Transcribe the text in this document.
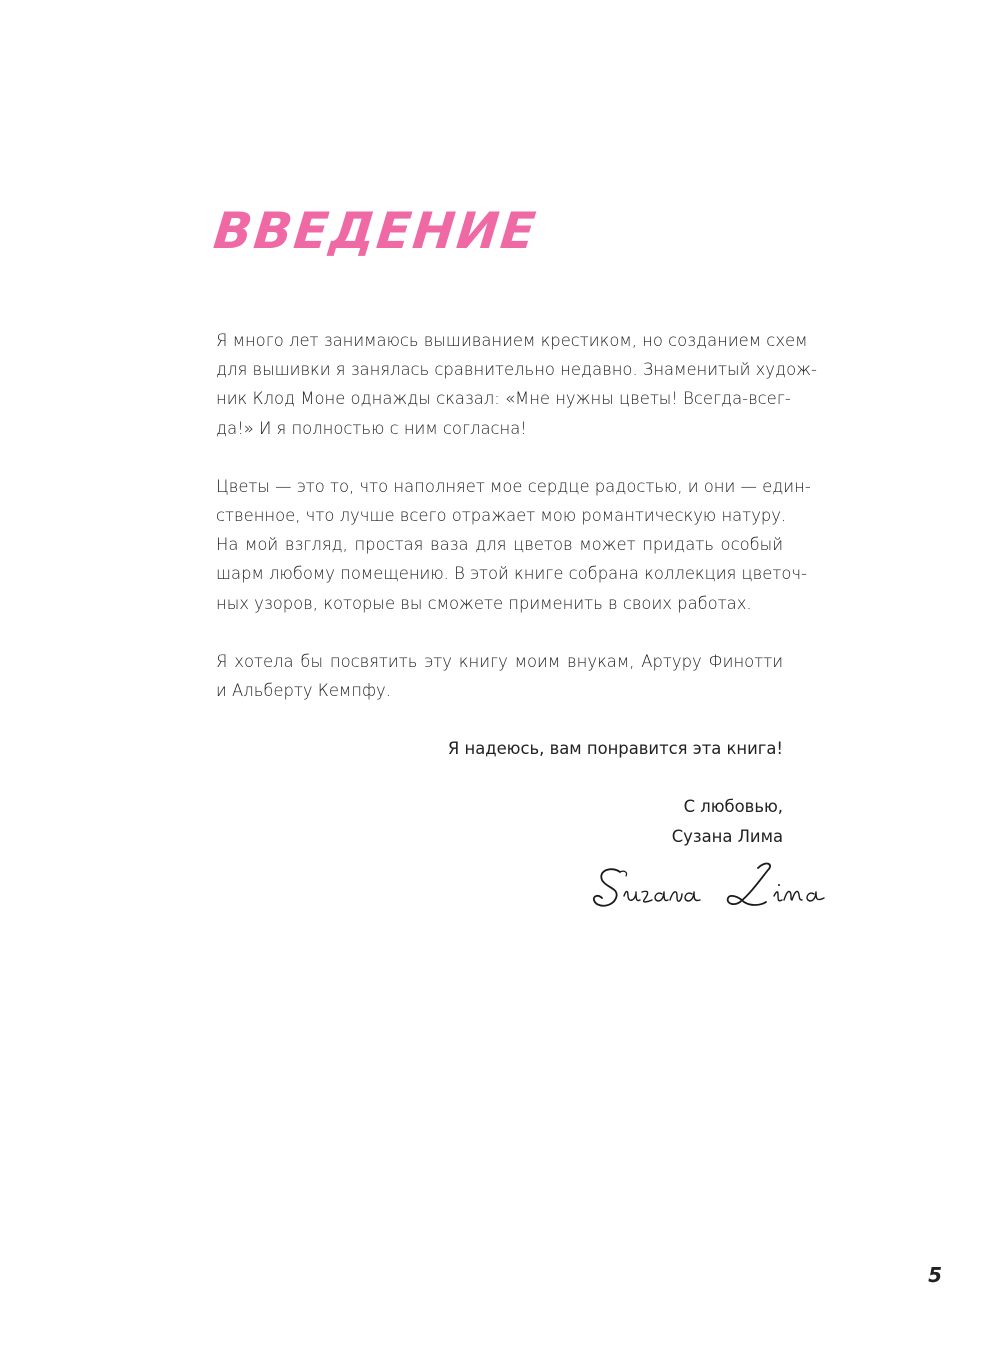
ВВЕДЕНИЕ

Я много лет занимаюсь вышиванием крестиком, но созданием схем
для вышивки я занялась сравнительно недавно. Знаменитый худож-
ник Клод Моне однажды сказал: «Мне нужны цветы! Всегда-всег-
да!» И я полностью с ним согласна!

Цветы — это то, что наполняет мое сердце радостью, и они — един-
ственное, что лучше всего отражает мою романтическую натуру.
На мой взгляд, простая ваза для цветов может придать особый
шарм любому помещению. В этой книге собрана коллекция цветоч-
ных узоров, которые вы сможете применить в своих работах.

Я хотела бы посвятить эту книгу моим внукам, Артуру Финотти
и Альберту Кемпфу.

Я надеюсь, вам понравится эта книга!

С любовью,
Сузана Лима
5
